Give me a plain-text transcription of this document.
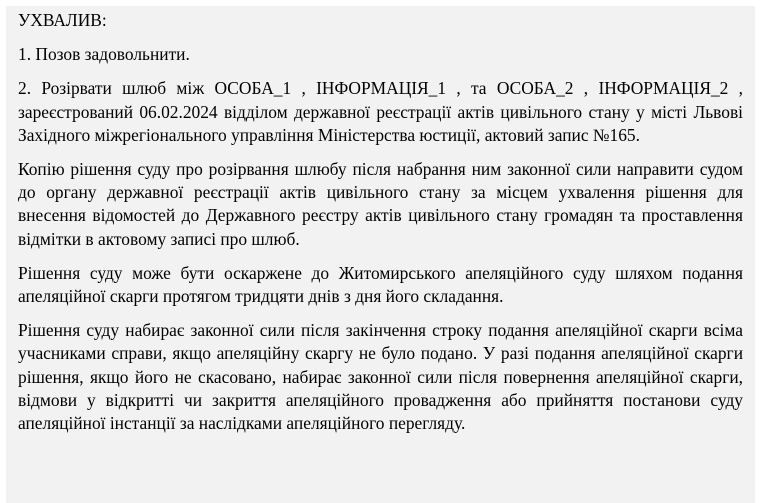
УХВАЛИВ:

1. Позов задовольнити.

2. Розірвати шлюб між ОСОБА_1 , ІНФОРМАЦІЯ_1 , та ОСОБА_2 , ІНФОРМАЦІЯ_2 , зареєстрований 06.02.2024 відділом державної реєстрації актів цивільного стану у місті Львові Західного міжрегіонального управління Міністерства юстиції, актовий запис №165.

Копію рішення суду про розірвання шлюбу після набрання ним законної сили направити судом до органу державної реєстрації актів цивільного стану за місцем ухвалення рішення для внесення відомостей до Державного реєстру актів цивільного стану громадян та проставлення відмітки в актовому записі про шлюб.

Рішення суду може бути оскаржене до Житомирського апеляційного суду шляхом подання апеляційної скарги протягом тридцяти днів з дня його складання.

Рішення суду набирає законної сили після закінчення строку подання апеляційної скарги всіма учасниками справи, якщо апеляційну скаргу не було подано. У разі подання апеляційної скарги рішення, якщо його не скасовано, набирає законної сили після повернення апеляційної скарги, відмови у відкритті чи закриття апеляційного провадження або прийняття постанови суду апеляційної інстанції за наслідками апеляційного перегляду.
